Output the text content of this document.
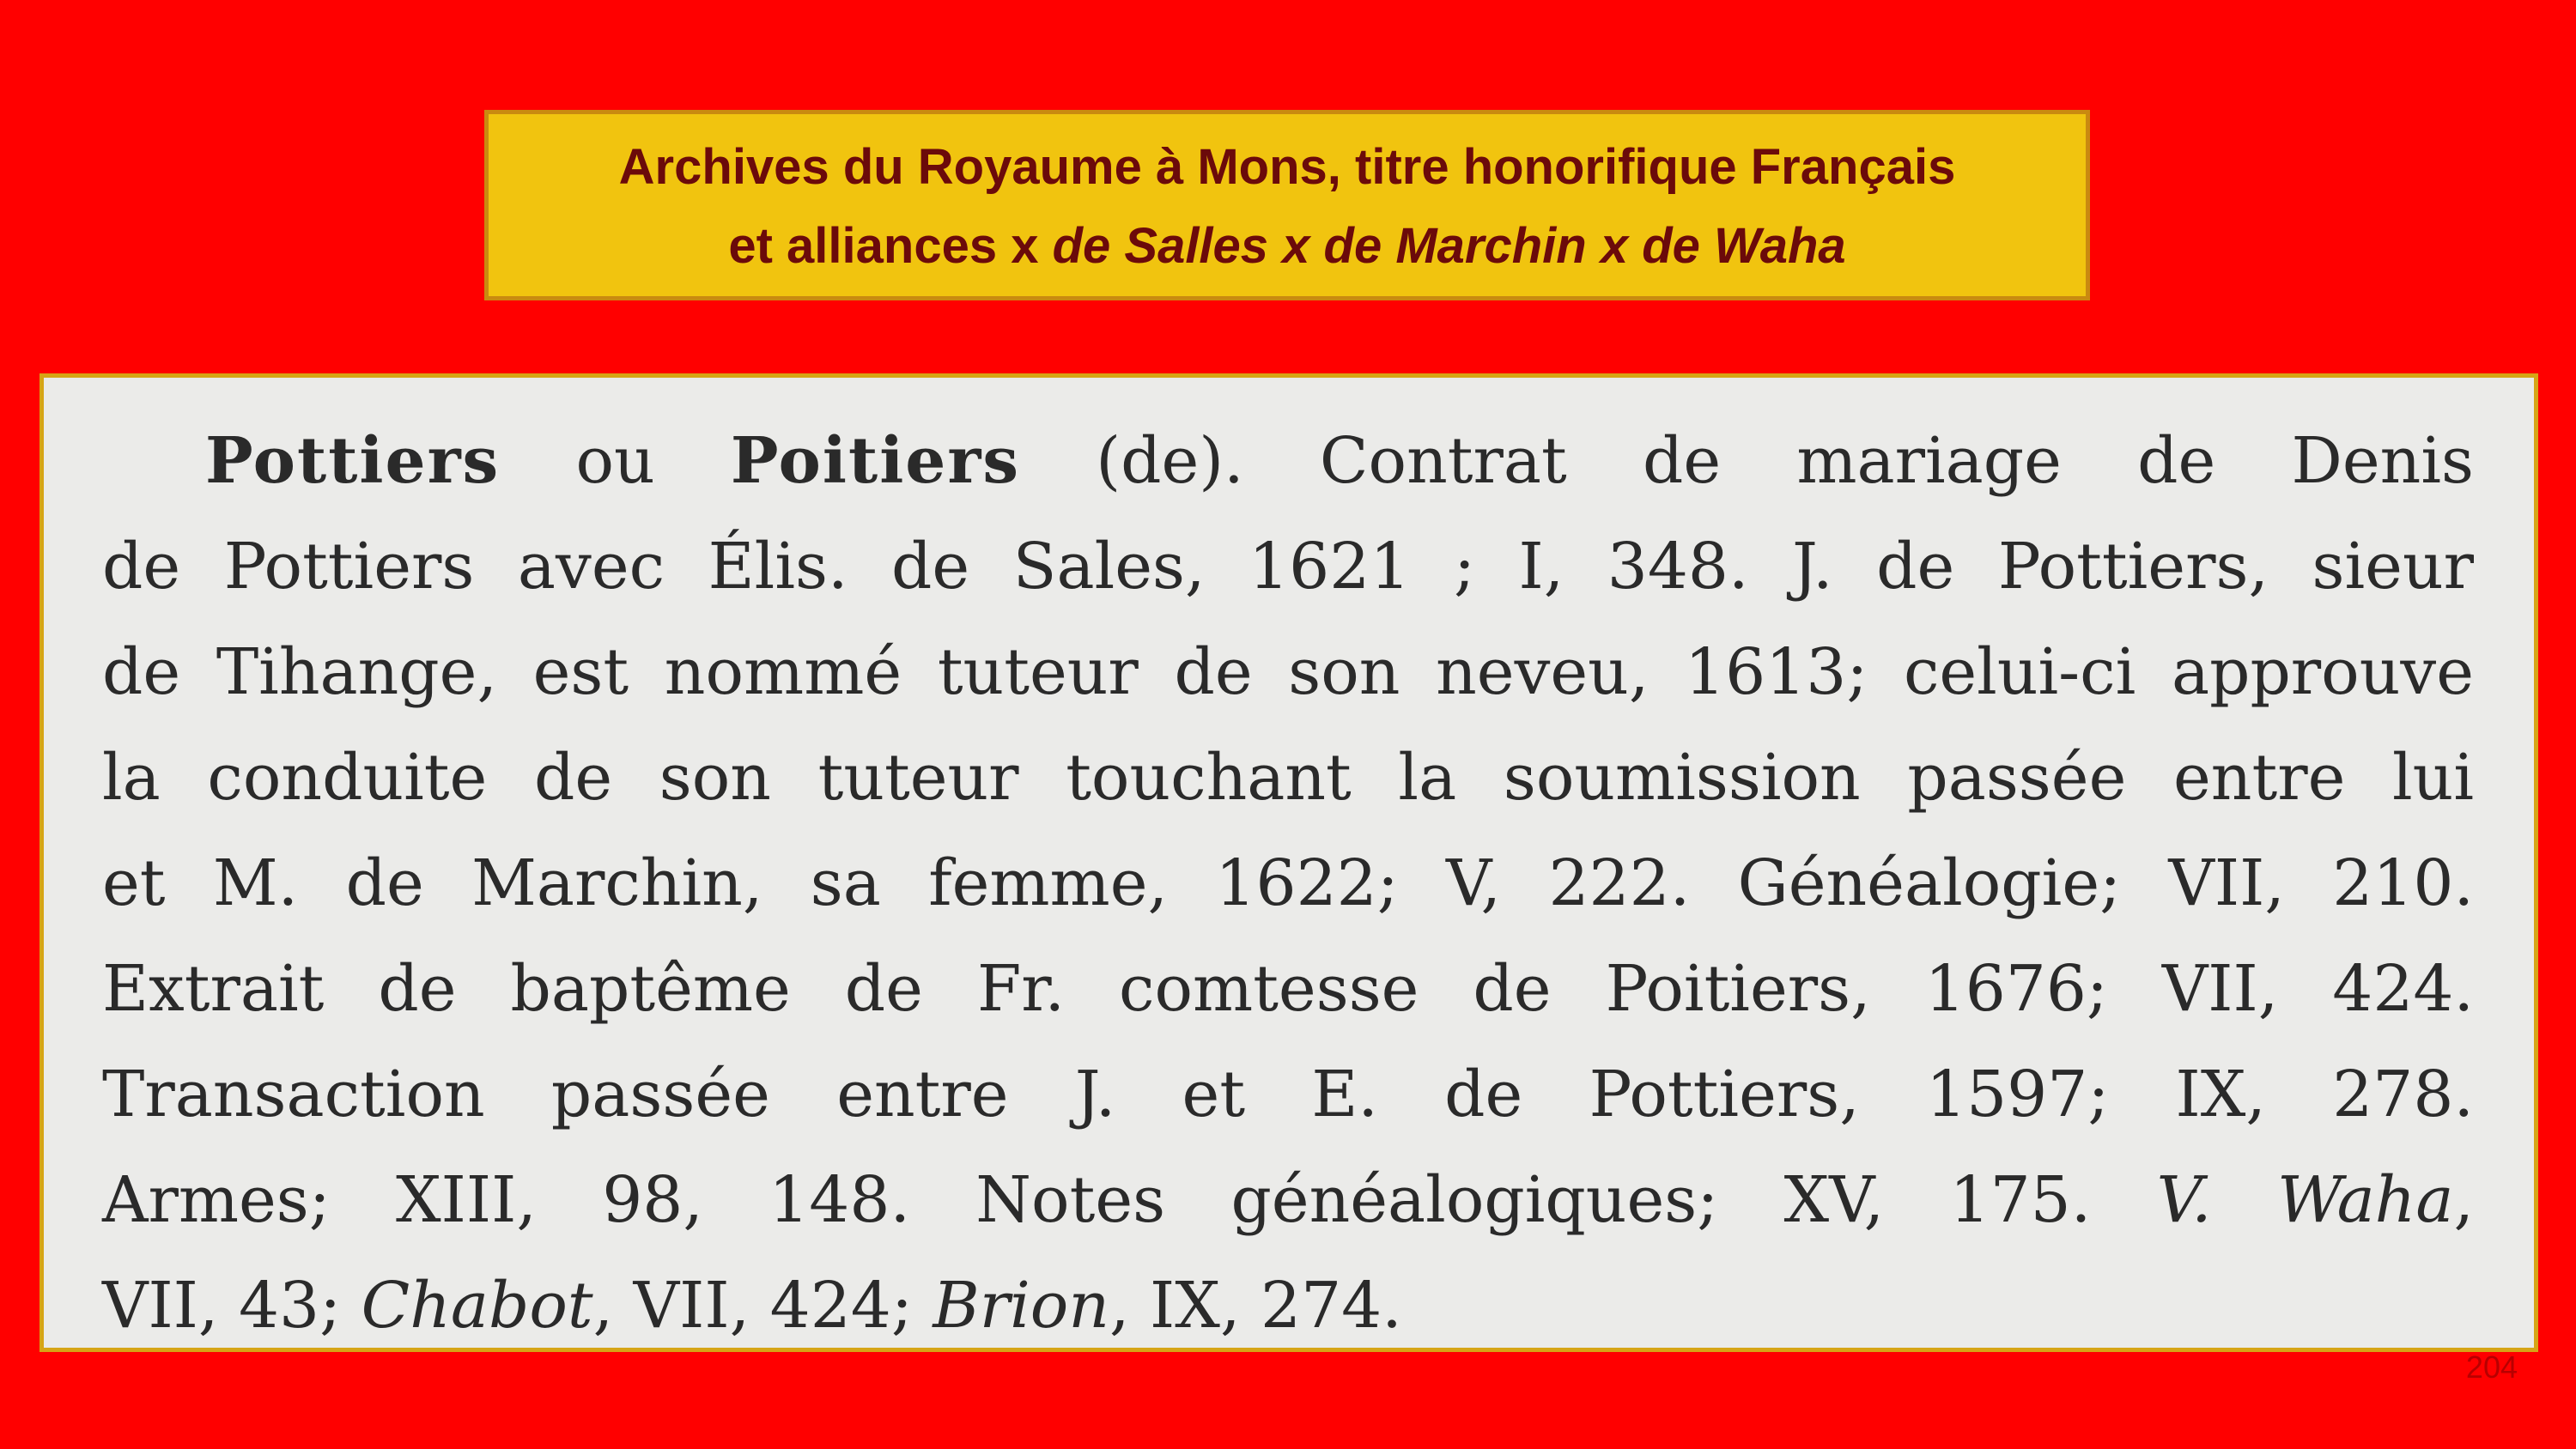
Archives du Royaume à Mons, titre honorifique Français
et alliances x de Salles x de Marchin x de Waha
Pottiers ou Poitiers (de). Contrat de mariage de Denis
de Pottiers avec Élis. de Sales, 1621 ; I, 348. J. de Pottiers, sieur
de Tihange, est nommé tuteur de son neveu, 1613; celui-ci approuve
la conduite de son tuteur touchant la soumission passée entre lui
et M. de Marchin, sa femme, 1622; V, 222. Généalogie; VII, 210.
Extrait de baptême de Fr. comtesse de Poitiers, 1676; VII, 424.
Transaction passée entre J. et E. de Pottiers, 1597; IX, 278.
Armes; XIII, 98, 148. Notes généalogiques; XV, 175. V. Waha,
VII, 43; Chabot, VII, 424; Brion, IX, 274.
204
